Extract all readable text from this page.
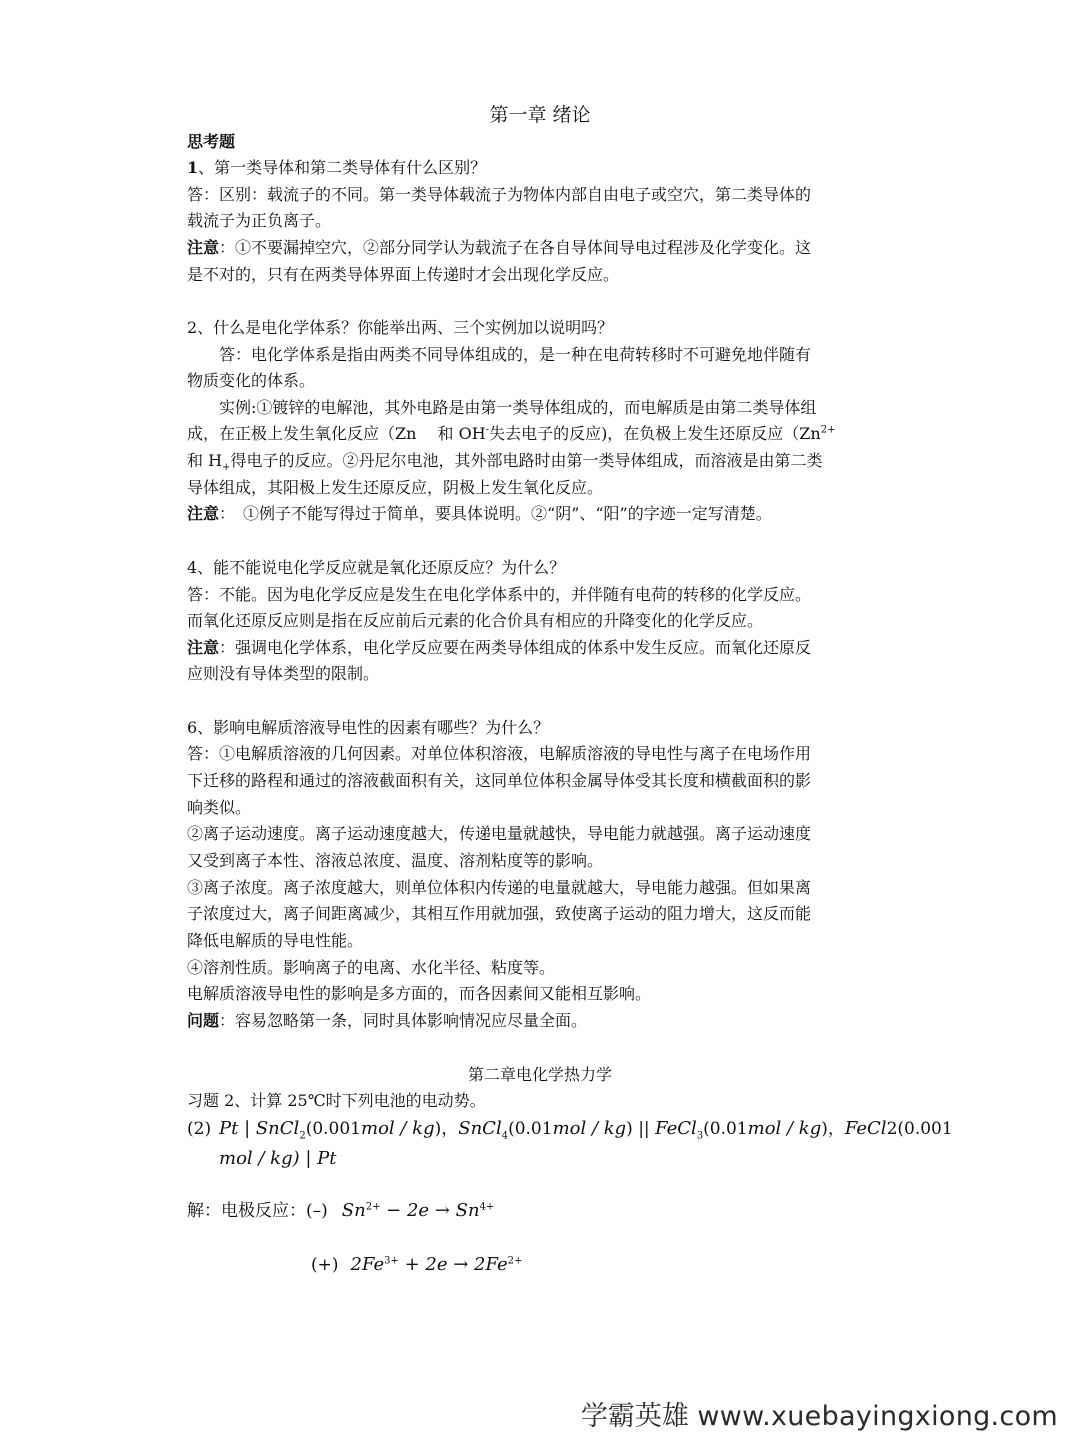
第一章 绪论
思考题
1、第一类导体和第二类导体有什么区别？
答：区别：载流子的不同。第一类导体载流子为物体内部自由电子或空穴，第二类导体的
载流子为正负离子。
注意：①不要漏掉空穴，②部分同学认为载流子在各自导体间导电过程涉及化学变化。这
是不对的，只有在两类导体界面上传递时才会出现化学反应。
2、什么是电化学体系？你能举出两、三个实例加以说明吗？
答：电化学体系是指由两类不同导体组成的，是一种在电荷转移时不可避免地伴随有
物质变化的体系。
实例:①镀锌的电解池，其外电路是由第一类导体组成的，而电解质是由第二类导体组
成，在正极上发生氧化反应（Zn　 和 OH-失去电子的反应)，在负极上发生还原反应（$Zn^{2+}$
和 $H_+$得电子的反应。②丹尼尔电池，其外部电路时由第一类导体组成，而溶液是由第二类
导体组成，其阳极上发生还原反应，阴极上发生氧化反应。
注意：　①例子不能写得过于简单，要具体说明。②“阴”、“阳”的字迹一定写清楚。
4、能不能说电化学反应就是氧化还原反应？为什么？
答：不能。因为电化学反应是发生在电化学体系中的，并伴随有电荷的转移的化学反应。
而氧化还原反应则是指在反应前后元素的化合价具有相应的升降变化的化学反应。
注意：强调电化学体系，电化学反应要在两类导体组成的体系中发生反应。而氧化还原反
应则没有导体类型的限制。
6、影响电解质溶液导电性的因素有哪些？为什么？
答：①电解质溶液的几何因素。对单位体积溶液，电解质溶液的导电性与离子在电场作用
下迁移的路程和通过的溶液截面积有关，这同单位体积金属导体受其长度和横截面积的影
响类似。
②离子运动速度。离子运动速度越大，传递电量就越快，导电能力就越强。离子运动速度
又受到离子本性、溶液总浓度、温度、溶剂粘度等的影响。
③离子浓度。离子浓度越大，则单位体积内传递的电量就越大，导电能力越强。但如果离
子浓度过大，离子间距离减少，其相互作用就加强，致使离子运动的阻力增大，这反而能
降低电解质的导电性能。
④溶剂性质。影响离子的电离、水化半径、粘度等。
电解质溶液导电性的影响是多方面的，而各因素间又能相互影响。
问题：容易忽略第一条，同时具体影响情况应尽量全面。
第二章电化学热力学
习题 2、计算 25℃时下列电池的电动势。
(2) Pt | SnCl$_2$(0.001mol / kg)，SnCl$_4$(0.01mol / kg) || FeCl$_3$(0.01mol / kg)，FeCl2(0.001
mol / kg) | Pt
解：电极反应：(–) $Sn^{2+} - 2e \to Sn^{4+}$
(+) $2Fe^{3+} + 2e \to 2Fe^{2+}$
学霸英雄 www.xuebayingxiong.com
